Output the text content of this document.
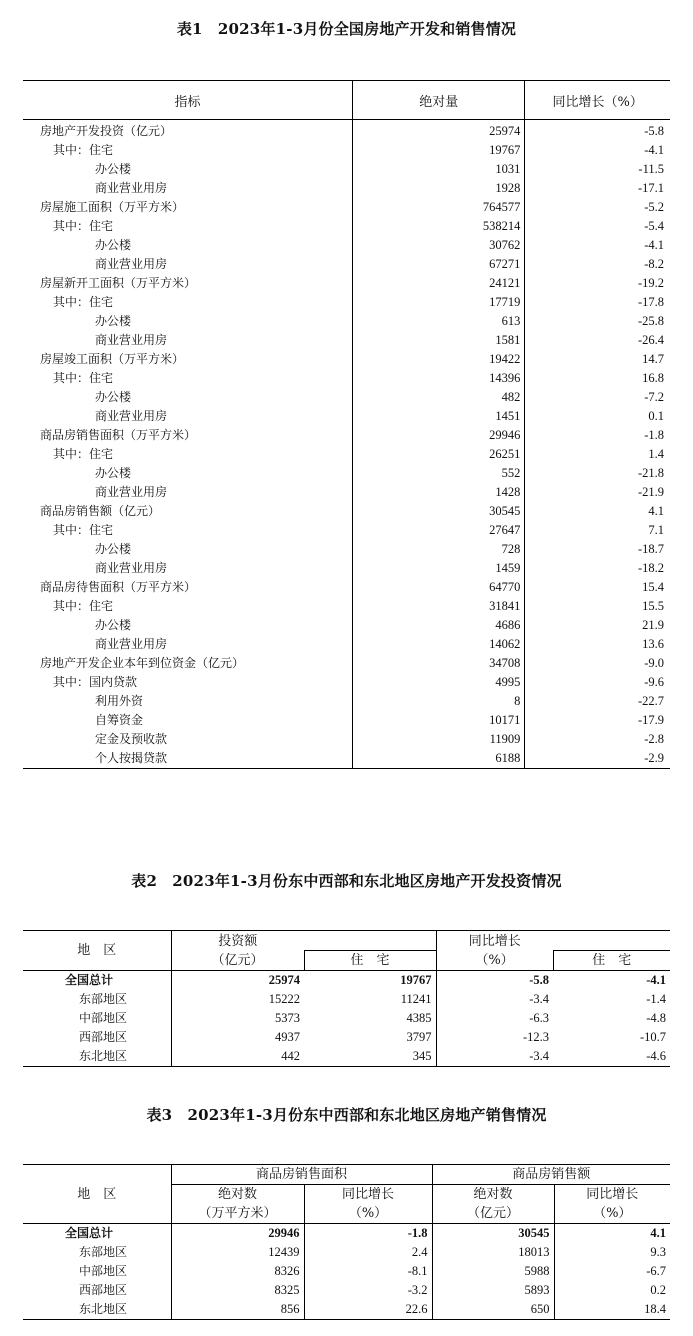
表1　2023年1-3月份全国房地产开发和销售情况
指标	绝对量	同比增长（%）
房地产开发投资（亿元）	25974	-5.8
其中：住宅	19767	-4.1
办公楼	1031	-11.5
商业营业用房	1928	-17.1
房屋施工面积（万平方米）	764577	-5.2
其中：住宅	538214	-5.4
办公楼	30762	-4.1
商业营业用房	67271	-8.2
房屋新开工面积（万平方米）	24121	-19.2
其中：住宅	17719	-17.8
办公楼	613	-25.8
商业营业用房	1581	-26.4
房屋竣工面积（万平方米）	19422	14.7
其中：住宅	14396	16.8
办公楼	482	-7.2
商业营业用房	1451	0.1
商品房销售面积（万平方米）	29946	-1.8
其中：住宅	26251	1.4
办公楼	552	-21.8
商业营业用房	1428	-21.9
商品房销售额（亿元）	30545	4.1
其中：住宅	27647	7.1
办公楼	728	-18.7
商业营业用房	1459	-18.2
商品房待售面积（万平方米）	64770	15.4
其中：住宅	31841	15.5
办公楼	4686	21.9
商业营业用房	14062	13.6
房地产开发企业本年到位资金（亿元）	34708	-9.0
其中：国内贷款	4995	-9.6
利用外资	8	-22.7
自筹资金	10171	-17.9
定金及预收款	11909	-2.8
个人按揭贷款	6188	-2.9
表2　2023年1-3月份东中西部和东北地区房地产开发投资情况
地　区	投资额		同比增长	
	（亿元）	住　宅	（%）	住　宅
全国总计	25974	19767	-5.8	-4.1
东部地区	15222	11241	-3.4	-1.4
中部地区	5373	4385	-6.3	-4.8
西部地区	4937	3797	-12.3	-10.7
东北地区	442	345	-3.4	-4.6
表3　2023年1-3月份东中西部和东北地区房地产销售情况
地　区	商品房销售面积		商品房销售额	
	绝对数	同比增长	绝对数	同比增长
	（万平方米）	（%）	（亿元）	（%）
全国总计	29946	-1.8	30545	4.1
东部地区	12439	2.4	18013	9.3
中部地区	8326	-8.1	5988	-6.7
西部地区	8325	-3.2	5893	0.2
东北地区	856	22.6	650	18.4
